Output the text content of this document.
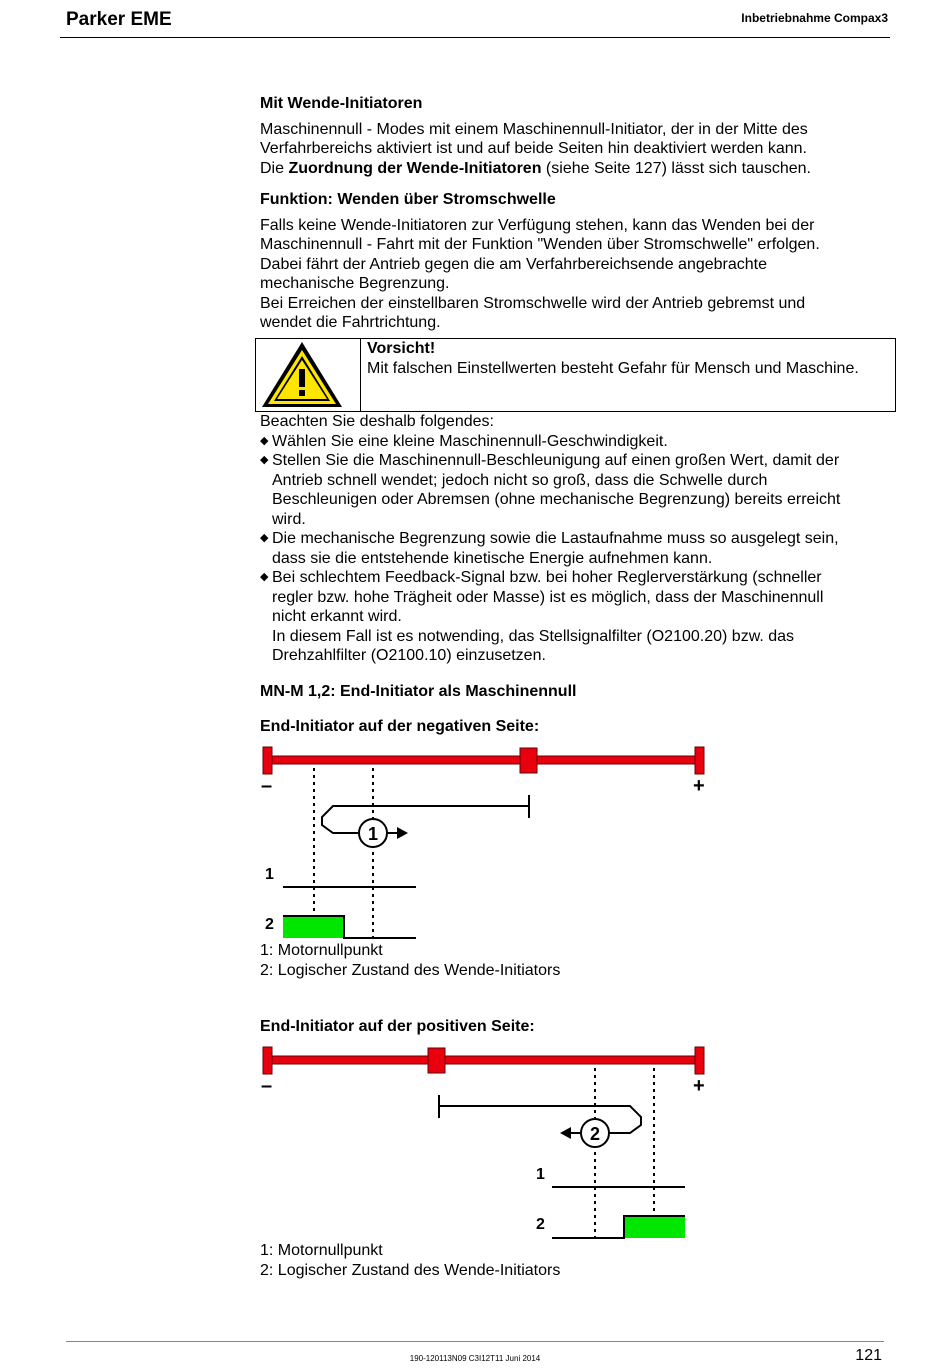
Parker EME	Inbetriebnahme Compax3

Mit Wende-Initiatoren

Maschinennull - Modes mit einem Maschinennull-Initiator, der in der Mitte des

Verfahrbereichs aktiviert ist und auf beide Seiten hin deaktiviert werden kann.

Die Zuordnung der Wende-Initiatoren (siehe Seite 127) lässt sich tauschen.

Funktion: Wenden über Stromschwelle

Falls keine Wende-Initiatoren zur Verfügung stehen, kann das Wenden bei der

Maschinennull - Fahrt mit der Funktion "Wenden über Stromschwelle" erfolgen.

Dabei fährt der Antrieb gegen die am Verfahrbereichsende angebrachte

mechanische Begrenzung.

Bei Erreichen der einstellbaren Stromschwelle wird der Antrieb gebremst und

wendet die Fahrtrichtung.

Vorsicht!
Mit falschen Einstellwerten besteht Gefahr für Mensch und Maschine.

Beachten Sie deshalb folgendes:

◆ Wählen Sie eine kleine Maschinennull-Geschwindigkeit.

◆ Stellen Sie die Maschinennull-Beschleunigung auf einen großen Wert, damit der

Antrieb schnell wendet; jedoch nicht so groß, dass die Schwelle durch

Beschleunigen oder Abremsen (ohne mechanische Begrenzung) bereits erreicht

wird.

◆ Die mechanische Begrenzung sowie die Lastaufnahme muss so ausgelegt sein,

dass sie die entstehende kinetische Energie aufnehmen kann.

◆ Bei schlechtem Feedback-Signal bzw. bei hoher Reglerverstärkung (schneller

regler bzw. hohe Trägheit oder Masse) ist es möglich, dass der Maschinennull

nicht erkannt wird.

In diesem Fall ist es notwending, das Stellsignalfilter (O2100.20) bzw. das

Drehzahlfilter (O2100.10) einzusetzen.

MN-M 1,2: End-Initiator als Maschinennull

End-Initiator auf der negativen Seite:

–	+
1
1
2
1: Motornullpunkt
2: Logischer Zustand des Wende-Initiators
End-Initiator auf der positiven Seite:
–	+
2
1
2
1: Motornullpunkt
2: Logischer Zustand des Wende-Initiators
190-120113N09 C3I12T11 Juni 2014	121
